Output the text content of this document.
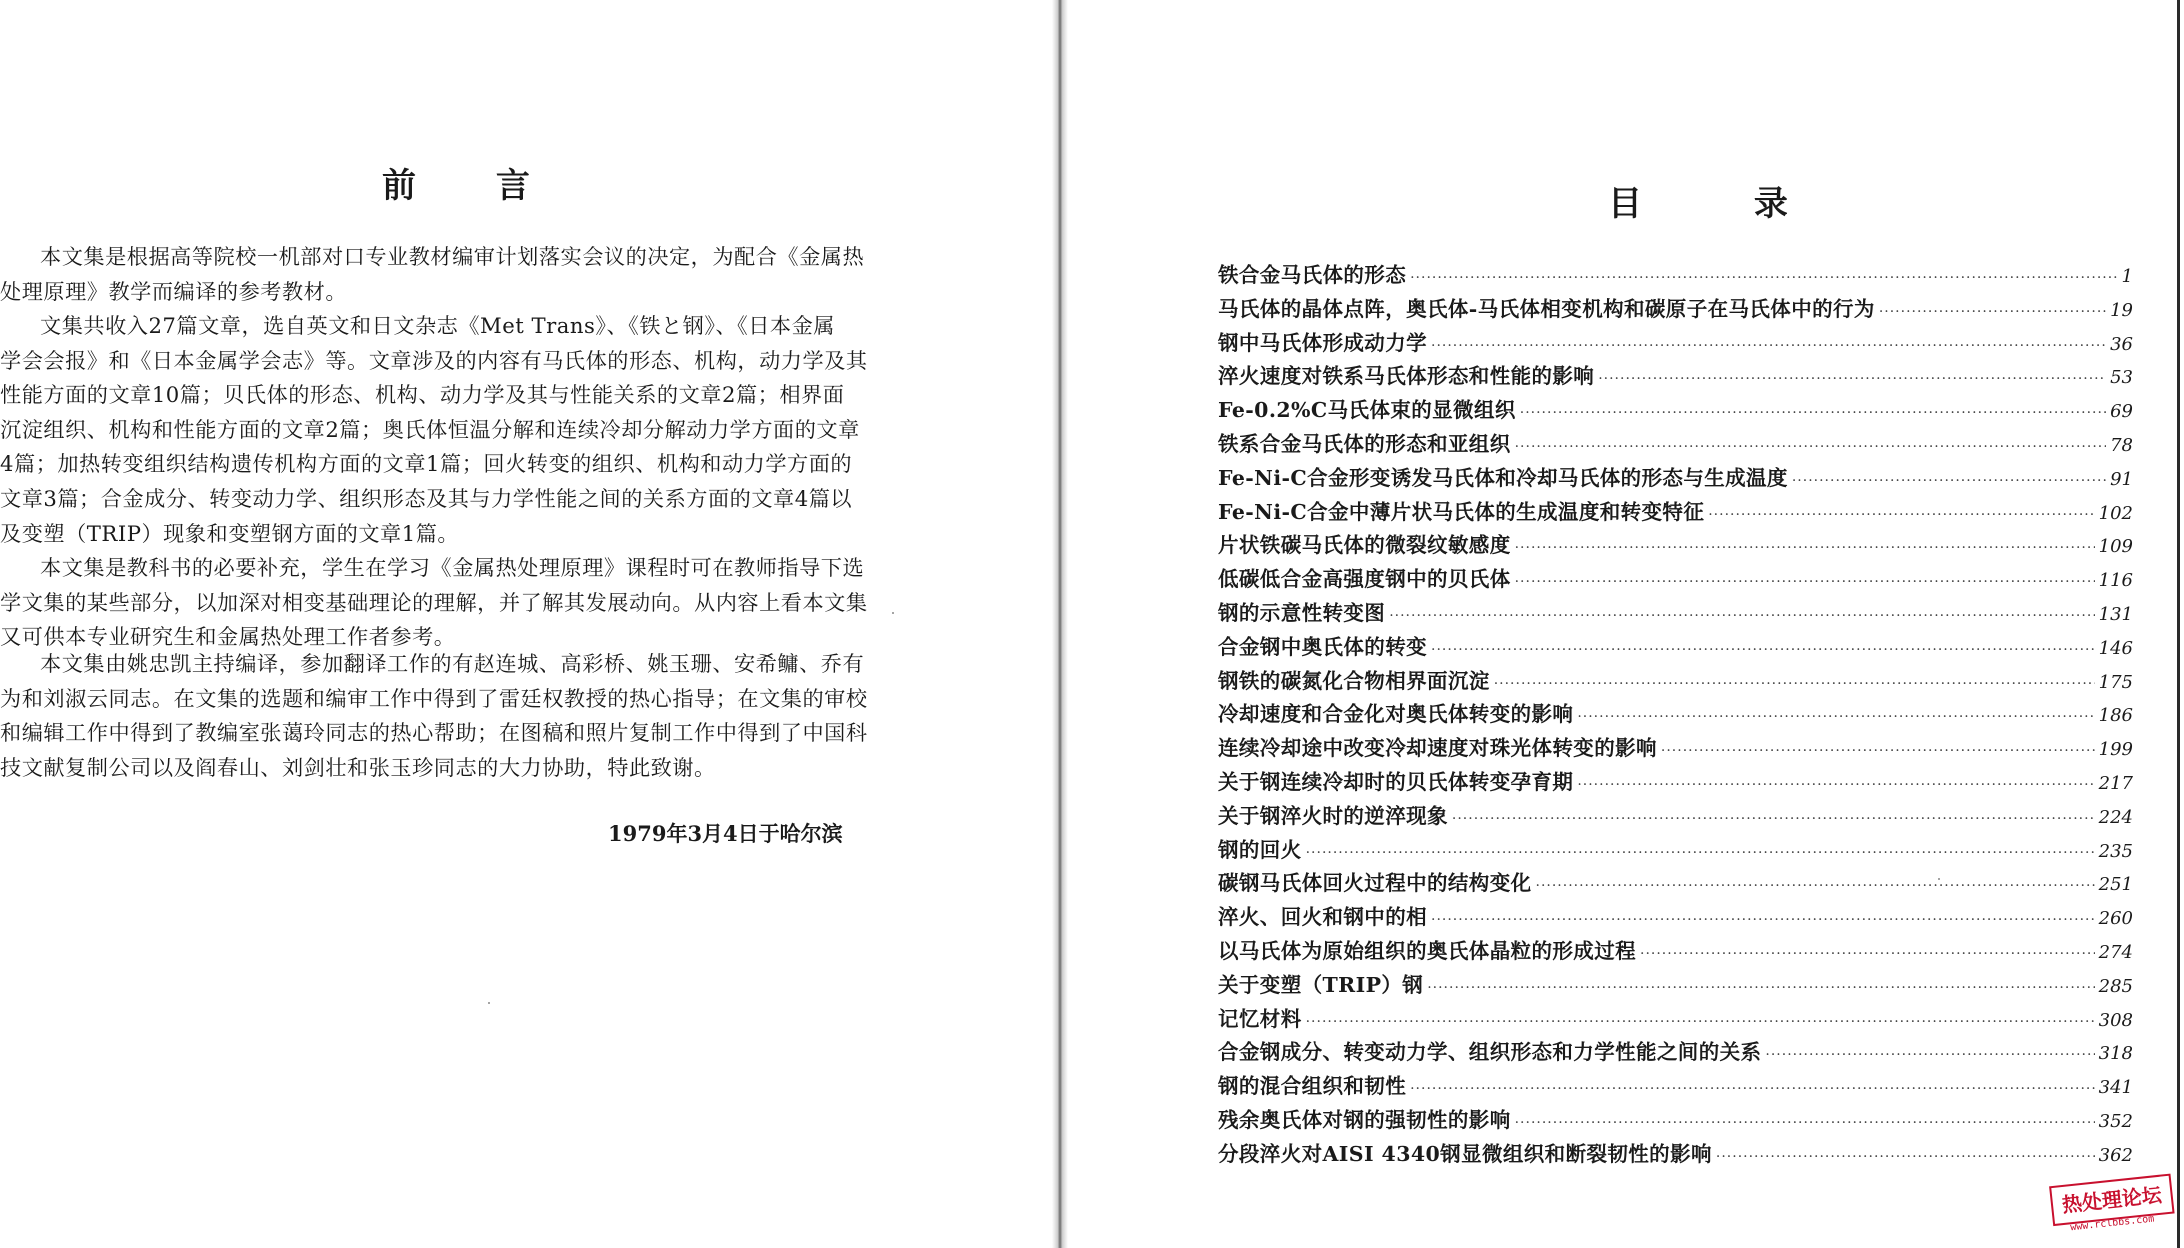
前 言

本文集是根据高等院校一机部对口专业教材编审计划落实会议的决定，为配合《金属热
处理原理》教学而编译的参考教材。

文集共收入27篇文章，选自英文和日文杂志《Met Trans》、《铁と钢》、《日本金属
学会会报》和《日本金属学会志》等。文章涉及的内容有马氏体的形态、机构，动力学及其
性能方面的文章10篇；贝氏体的形态、机构、动力学及其与性能关系的文章2篇；相界面
沉淀组织、机构和性能方面的文章2篇；奥氏体恒温分解和连续冷却分解动力学方面的文章
4篇；加热转变组织结构遗传机构方面的文章1篇；回火转变的组织、机构和动力学方面的
文章3篇；合金成分、转变动力学、组织形态及其与力学性能之间的关系方面的文章4篇以
及变塑（TRIP）现象和变塑钢方面的文章1篇。

本文集是教科书的必要补充，学生在学习《金属热处理原理》课程时可在教师指导下选
学文集的某些部分，以加深对相变基础理论的理解，并了解其发展动向。从内容上看本文集
又可供本专业研究生和金属热处理工作者参考。

本文集由姚忠凯主持编译，参加翻译工作的有赵连城、高彩桥、姚玉珊、安希鳙、乔有
为和刘淑云同志。在文集的选题和编审工作中得到了雷廷权教授的热心指导；在文集的审校
和编辑工作中得到了教编室张蔼玲同志的热心帮助；在图稿和照片复制工作中得到了中国科
技文献复制公司以及阎春山、刘剑壮和张玉珍同志的大力协助，特此致谢。

1979年3月4日于哈尔滨
目 录
铁合金马氏体的形态 ·····	1
马氏体的晶体点阵，奥氏体-马氏体相变机构和碳原子在马氏体中的行为 ·····	19
钢中马氏体形成动力学 ·····	36
淬火速度对铁系马氏体形态和性能的影响 ·····	53
Fe-0.2%C马氏体束的显微组织 ·····	69
铁系合金马氏体的形态和亚组织 ·····	78
Fe-Ni-C合金形变诱发马氏体和冷却马氏体的形态与生成温度 ·····	91
Fe-Ni-C合金中薄片状马氏体的生成温度和转变特征 ·····	102
片状铁碳马氏体的微裂纹敏感度 ·····	109
低碳低合金高强度钢中的贝氏体 ·····	116
钢的示意性转变图 ·····	131
合金钢中奥氏体的转变 ·····	146
钢铁的碳氮化合物相界面沉淀 ·····	175
冷却速度和合金化对奥氏体转变的影响 ·····	186
连续冷却途中改变冷却速度对珠光体转变的影响 ·····	199
关于钢连续冷却时的贝氏体转变孕育期 ·····	217
关于钢淬火时的逆淬现象 ·····	224
钢的回火 ·····	235
碳钢马氏体回火过程中的结构变化 ·····	251
淬火、回火和钢中的相 ·····	260
以马氏体为原始组织的奥氏体晶粒的形成过程 ·····	274
关于变塑（TRIP）钢 ·····	285
记忆材料 ·····	308
合金钢成分、转变动力学、组织形态和力学性能之间的关系 ·····	318
钢的混合组织和韧性 ·····	341
残余奥氏体对钢的强韧性的影响 ·····	352
分段淬火对AISI 4340钢显微组织和断裂韧性的影响 ·····	362
热处理论坛
www.rclbbs.com
